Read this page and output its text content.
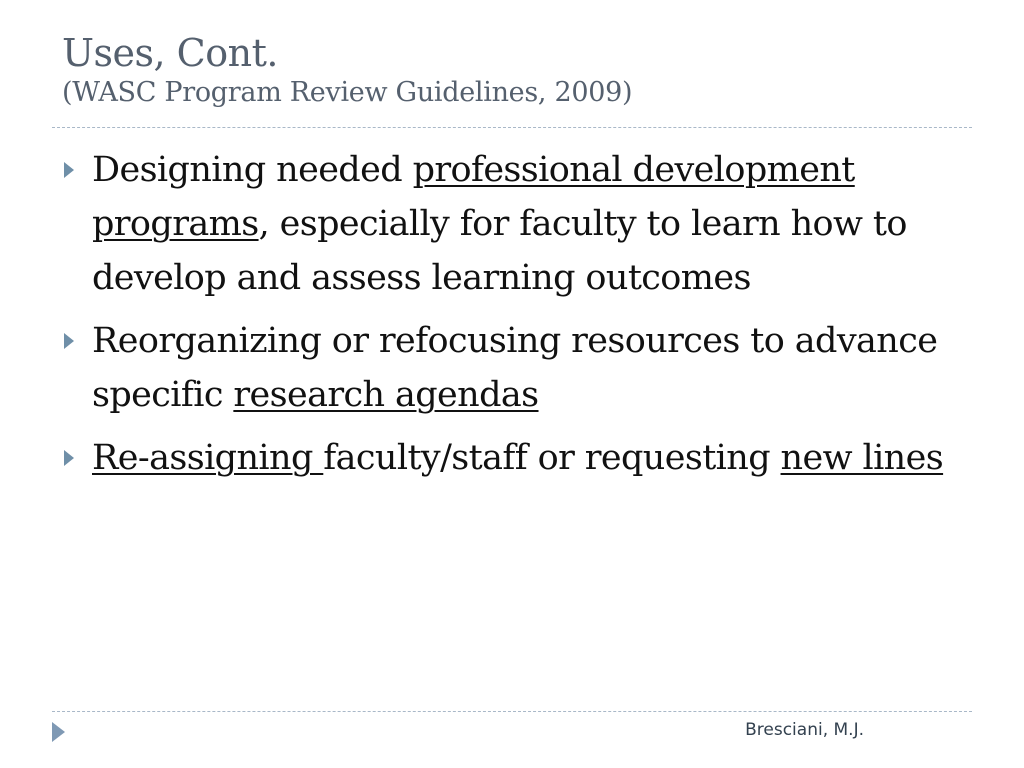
Uses, Cont.
(WASC Program Review Guidelines, 2009)
Designing needed professional development programs, especially for faculty to learn how to develop and assess learning outcomes
Reorganizing or refocusing resources to advance specific research agendas
Re-assigning faculty/staff or requesting new lines
Bresciani, M.J.
